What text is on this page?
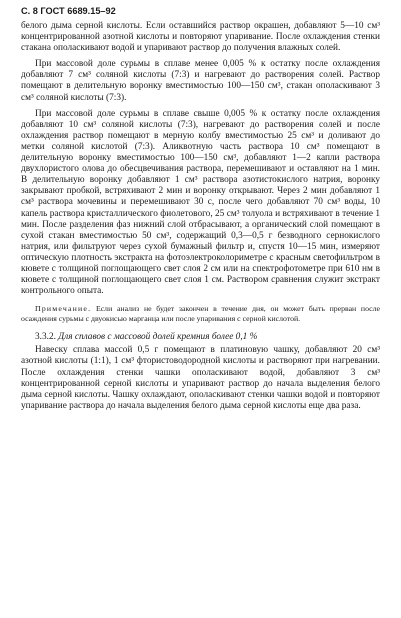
С. 8 ГОСТ 6689.15–92

белого дыма серной кислоты. Если оставшийся раствор окрашен, добавляют 5—10 см³ концентрированной азотной кислоты и повторяют упаривание. После охлаждения стенки стакана ополаскивают водой и упаривают раствор до получения влажных солей.

При массовой доле сурьмы в сплаве менее 0,005 % к остатку после охлаждения добавляют 7 см³ соляной кислоты (7:3) и нагревают до растворения солей. Раствор помещают в делительную воронку вместимостью 100—150 см³, стакан ополаскивают 3 см³ соляной кислоты (7:3).

При массовой доле сурьмы в сплаве свыше 0,005 % к остатку после охлаждения добавляют 10 см³ соляной кислоты (7:3), нагревают до растворения солей и после охлаждения раствор помещают в мерную колбу вместимостью 25 см³ и доливают до метки соляной кислотой (7:3). Аликвотную часть раствора 10 см³ помещают в делительную воронку вместимостью 100—150 см³, добавляют 1—2 капли раствора двухлористого олова до обесцвечивания раствора, перемешивают и оставляют на 1 мин. В делительную воронку добавляют 1 см³ раствора азотистокислого натрия, воронку закрывают пробкой, встряхивают 2 мин и воронку открывают. Через 2 мин добавляют 1 см³ раствора мочевины и перемешивают 30 с, после чего добавляют 70 см³ воды, 10 капель раствора кристаллического фиолетового, 25 см³ толуола и встряхивают в течение 1 мин. После разделения фаз нижний слой отбрасывают, а органический слой помещают в сухой стакан вместимостью 50 см³, содержащий 0,3—0,5 г безводного сернокислого натрия, или фильтруют через сухой бумажный фильтр и, спустя 10—15 мин, измеряют оптическую плотность экстракта на фотоэлектроколориметре с красным светофильтром в кювете с толщиной поглощающего свет слоя 2 см или на спектрофотометре при 610 нм в кювете с толщиной поглощающего свет слоя 1 см. Раствором сравнения служит экстракт контрольного опыта.

Примечание. Если анализ не будет закончен в течение дня, он может быть прерван после осаждения сурьмы с двуокисью марганца или после упаривания с серной кислотой.

3.3.2. Для сплавов с массовой долей кремния более 0,1 %

Навеску сплава массой 0,5 г помещают в платиновую чашку, добавляют 20 см³ азотной кислоты (1:1), 1 см³ фтористоводородной кислоты и растворяют при нагревании. После охлаждения стенки чашки ополаскивают водой, добавляют 3 см³ концентрированной серной кислоты и упаривают раствор до начала выделения белого дыма серной кислоты. Чашку охлаждают, ополаскивают стенки чашки водой и повторяют упаривание раствора до начала выделения белого дыма серной кислоты еще два раза.
